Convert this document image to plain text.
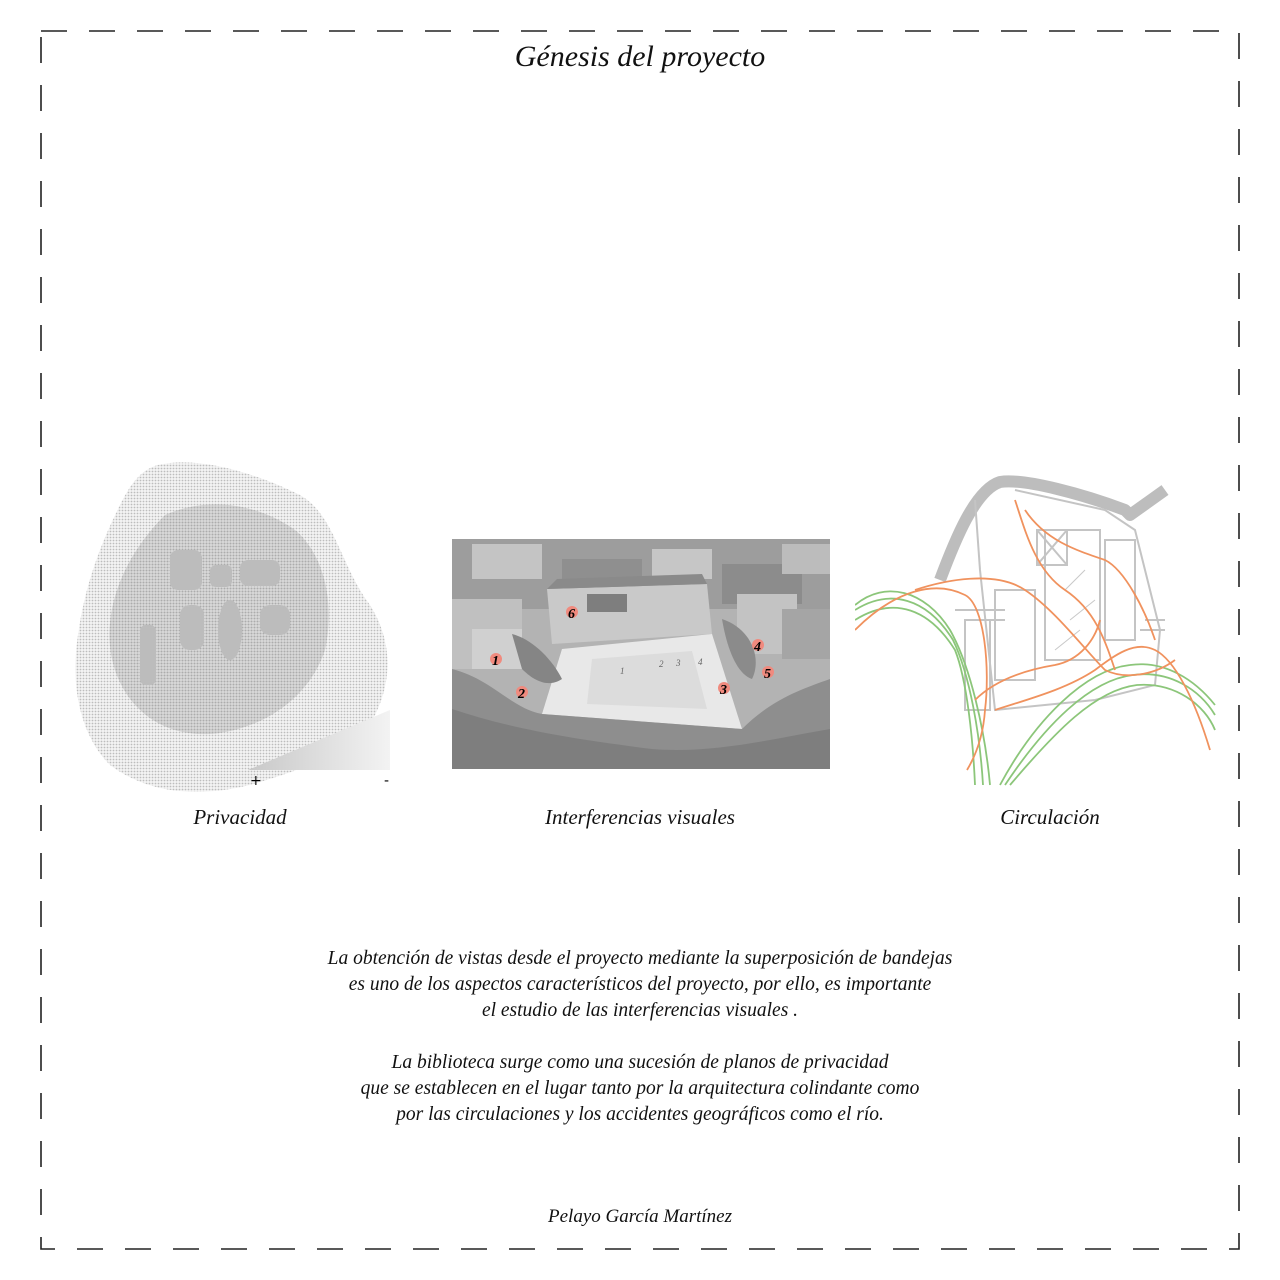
Génesis del proyecto
+	-
Privacidad
1
2 3 4
1
2	3
4
5
6
Interferencias visuales	Circulación

La obtención de vistas desde el proyecto mediante la superposición de bandejas
es uno de los aspectos característicos del proyecto, por ello, es importante
el estudio de las interferencias visuales .

La biblioteca surge como una sucesión de planos de privacidad
que se establecen en el lugar tanto por la arquitectura colindante como
por las circulaciones y los accidentes geográficos como el río.

Pelayo García Martínez
